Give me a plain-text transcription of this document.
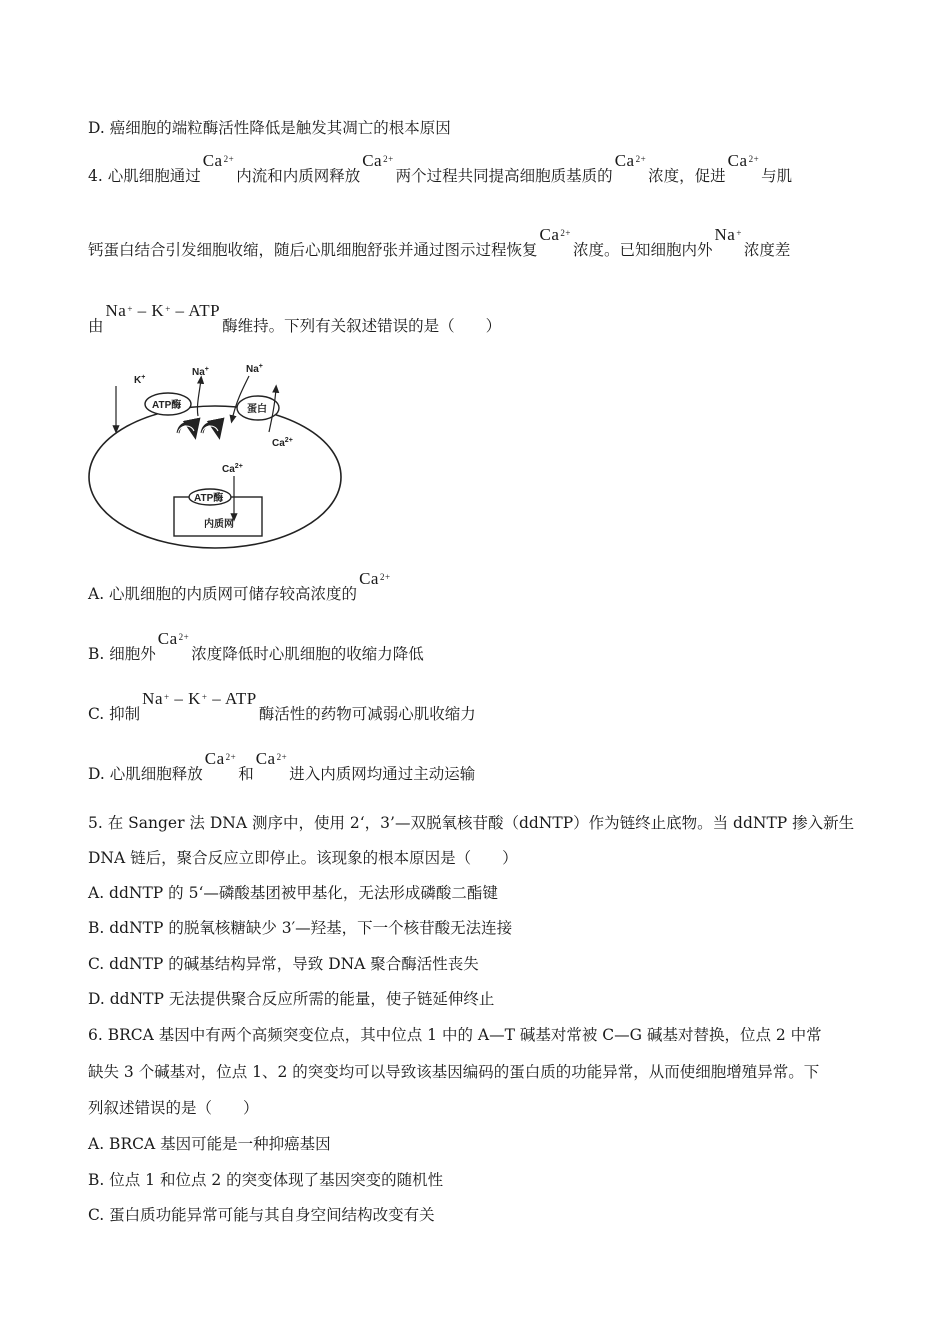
D. 癌细胞的端粒酶活性降低是触发其凋亡的根本原因
4. 心肌细胞通过$Ca^{2+}$内流和内质网释放$Ca^{2+}$两个过程共同提高细胞质基质的$Ca^{2+}$浓度，促进$Ca^{2+}$与肌
钙蛋白结合引发细胞收缩，随后心肌细胞舒张并通过图示过程恢复$Ca^{2+}$浓度。已知细胞内外Na+浓度差
由Na+ – K+ – ATP酶维持。下列有关叙述错误的是（　　）
K+
ATP酶
Na+
蛋白
Na+
$Ca^{2+}$
$Ca^{2+}$
ATP酶
内质网
A. 心肌细胞的内质网可储存较高浓度的$Ca^{2+}$
B. 细胞外$Ca^{2+}$浓度降低时心肌细胞的收缩力降低
C. 抑制Na+ – K+ – ATP酶活性的药物可减弱心肌收缩力
D. 心肌细胞释放$Ca^{2+}$和$Ca^{2+}$进入内质网均通过主动运输
5. 在 Sanger 法 DNA 测序中，使用 2‘，3’—双脱氧核苷酸（ddNTP）作为链终止底物。当 ddNTP 掺入新生
DNA 链后，聚合反应立即停止。该现象的根本原因是（　　）
A. ddNTP 的 5‘—磷酸基团被甲基化，无法形成磷酸二酯键
B. ddNTP 的脱氧核糖缺少 3′—羟基，下一个核苷酸无法连接
C. ddNTP 的碱基结构异常，导致 DNA 聚合酶活性丧失
D. ddNTP 无法提供聚合反应所需的能量，使子链延伸终止
6. BRCA 基因中有两个高频突变位点，其中位点 1 中的 A—T 碱基对常被 C—G 碱基对替换，位点 2 中常
缺失 3 个碱基对，位点 1、2 的突变均可以导致该基因编码的蛋白质的功能异常，从而使细胞增殖异常。下
列叙述错误的是（　　）
A. BRCA 基因可能是一种抑癌基因
B. 位点 1 和位点 2 的突变体现了基因突变的随机性
C. 蛋白质功能异常可能与其自身空间结构改变有关
